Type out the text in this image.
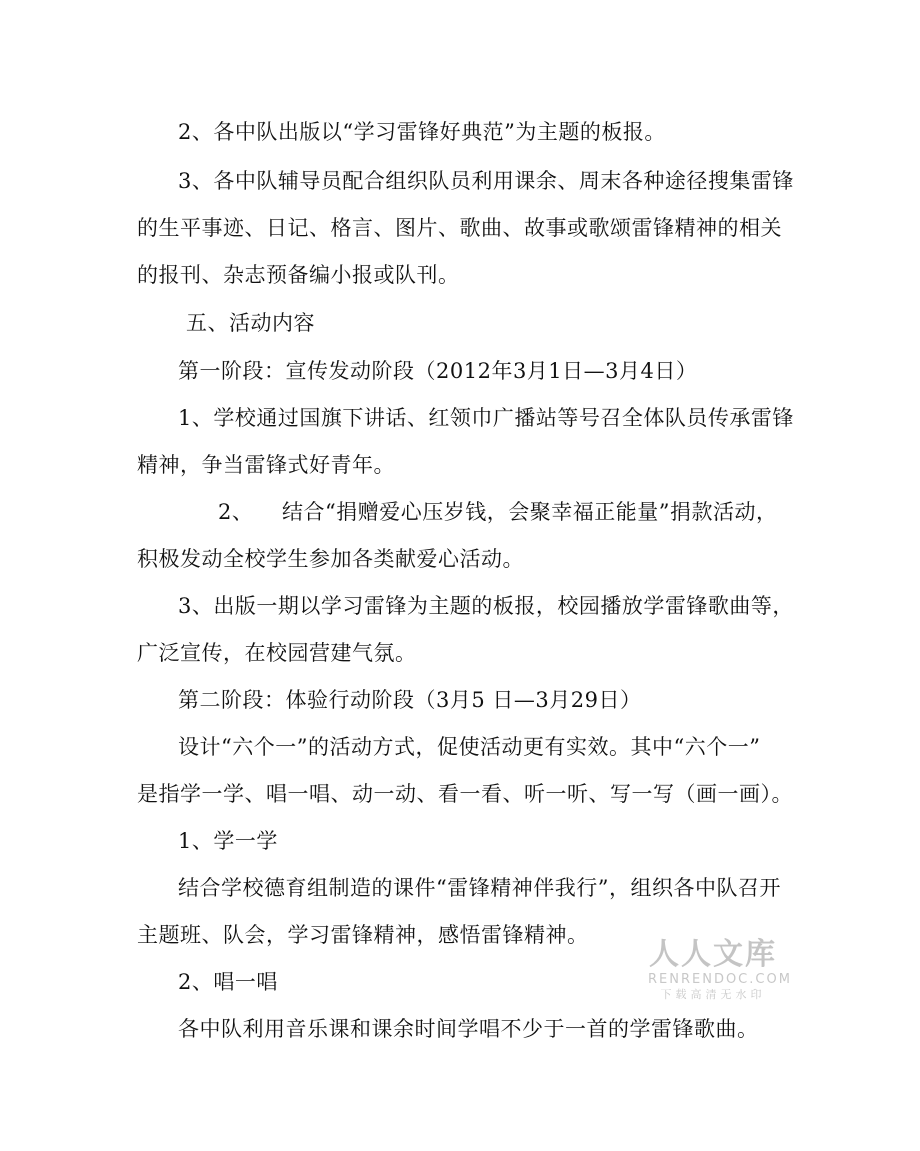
2、各中队出版以“学习雷锋好典范”为主题的板报。
3、各中队辅导员配合组织队员利用课余、周末各种途径搜集雷锋
的生平事迹、日记、格言、图片、歌曲、故事或歌颂雷锋精神的相关
的报刊、杂志预备编小报或队刊。
五、活动内容
第一阶段：宣传发动阶段（2012年3月1日—3月4日）
1、学校通过国旗下讲话、红领巾广播站等号召全体队员传承雷锋
精神，争当雷锋式好青年。
2、 结合“捐赠爱心压岁钱，会聚幸福正能量”捐款活动，
积极发动全校学生参加各类献爱心活动。
3、出版一期以学习雷锋为主题的板报，校园播放学雷锋歌曲等，
广泛宣传，在校园营建气氛。
第二阶段：体验行动阶段（3月5 日—3月29日）
设计“六个一”的活动方式，促使活动更有实效。其中“六个一”
是指学一学、唱一唱、动一动、看一看、听一听、写一写（画一画）。
1、学一学
结合学校德育组制造的课件“雷锋精神伴我行”，组织各中队召开
主题班、队会，学习雷锋精神，感悟雷锋精神。
2、唱一唱
各中队利用音乐课和课余时间学唱不少于一首的学雷锋歌曲。
人人文库
RENRENDOC.COM
下载高清无水印
